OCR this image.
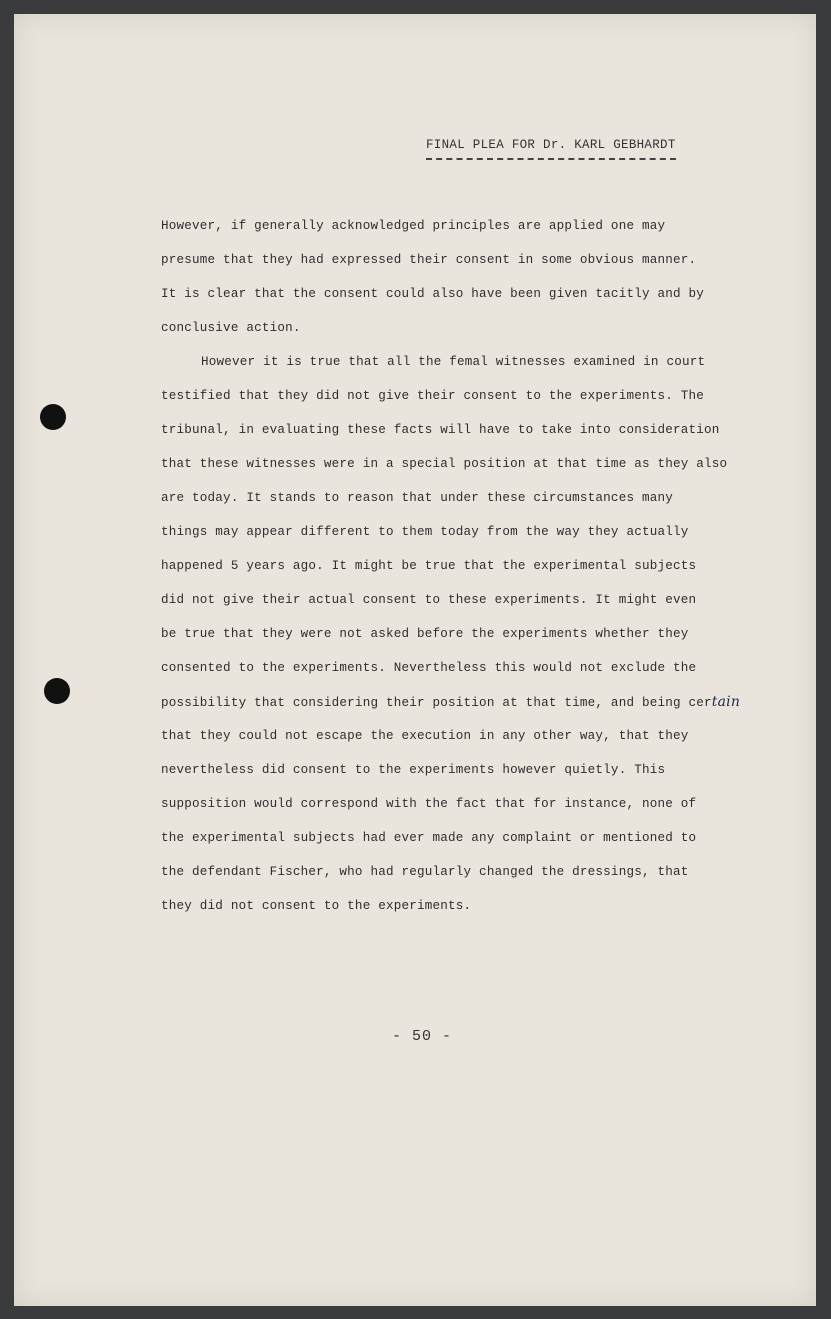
FINAL PLEA FOR Dr. KARL GEBHARDT
However, if generally acknowledged principles are applied one may
presume that they had expressed their consent in some obvious manner.
It is clear that the consent could also have been given tacitly and by
conclusive action.
However it is true that all the femal witnesses examined in court
testified that they did not give their consent to the experiments. The
tribunal, in evaluating these facts will have to take into consideration
that these witnesses were in a special position at that time as they also
are today. It stands to reason that under these circumstances many
things may appear different to them today from the way they actually
happened 5 years ago. It might be true that the experimental subjects
did not give their actual consent to these experiments. It might even
be true that they were not asked before the experiments whether they
consented to the experiments. Nevertheless this would not exclude the
possibility that considering their position at that time, and being certain
that they could not escape the execution in any other way, that they
nevertheless did consent to the experiments however quietly. This
supposition would correspond with the fact that for instance, none of
the experimental subjects had ever made any complaint or mentioned to
the defendant Fischer, who had regularly changed the dressings, that
they did not consent to the experiments.
- 50 -
